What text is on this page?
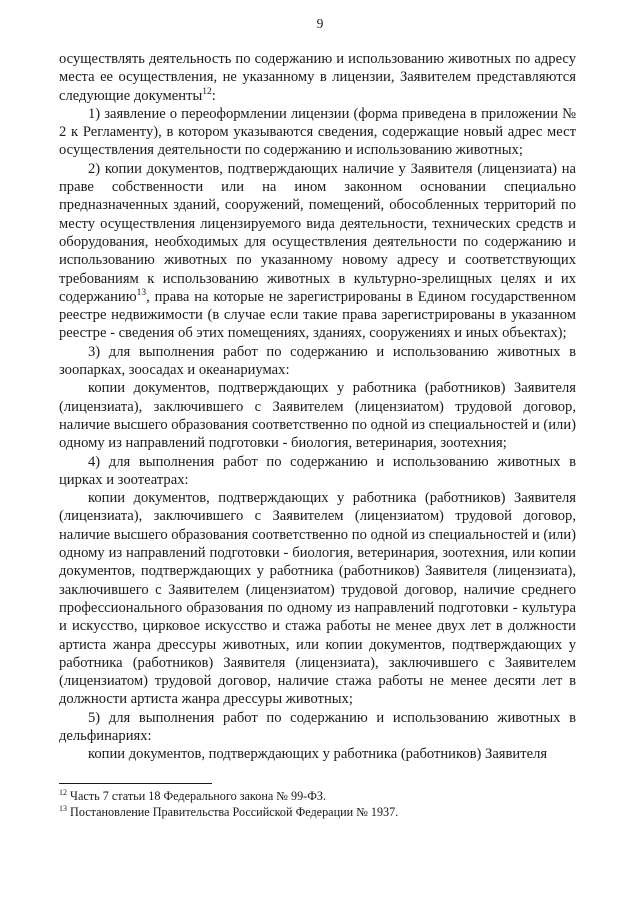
9

осуществлять деятельность по содержанию и использованию животных по адресу места ее осуществления, не указанному в лицензии, Заявителем представляются следующие документы$^{12}$:

1) заявление о переоформлении лицензии (форма приведена в приложении № 2 к Регламенту), в котором указываются сведения, содержащие новый адрес мест осуществления деятельности по содержанию и использованию животных;

2) копии документов, подтверждающих наличие у Заявителя (лицензиата) на праве собственности или на ином законном основании специально предназначенных зданий, сооружений, помещений, обособленных территорий по месту осуществления лицензируемого вида деятельности, технических средств и оборудования, необходимых для осуществления деятельности по содержанию и использованию животных по указанному новому адресу и соответствующих требованиям к использованию животных в культурно-зрелищных целях и их содержанию$^{13}$, права на которые не зарегистрированы в Едином государственном реестре недвижимости (в случае если такие права зарегистрированы в указанном реестре - сведения об этих помещениях, зданиях, сооружениях и иных объектах);

3) для выполнения работ по содержанию и использованию животных в зоопарках, зоосадах и океанариумах:

копии документов, подтверждающих у работника (работников) Заявителя (лицензиата), заключившего с Заявителем (лицензиатом) трудовой договор, наличие высшего образования соответственно по одной из специальностей и (или) одному из направлений подготовки - биология, ветеринария, зоотехния;

4) для выполнения работ по содержанию и использованию животных в цирках и зоотеатрах:

копии документов, подтверждающих у работника (работников) Заявителя (лицензиата), заключившего с Заявителем (лицензиатом) трудовой договор, наличие высшего образования соответственно по одной из специальностей и (или) одному из направлений подготовки - биология, ветеринария, зоотехния, или копии документов, подтверждающих у работника (работников) Заявителя (лицензиата), заключившего с Заявителем (лицензиатом) трудовой договор, наличие среднего профессионального образования по одному из направлений подготовки - культура и искусство, цирковое искусство и стажа работы не менее двух лет в должности артиста жанра дрессуры животных, или копии документов, подтверждающих у работника (работников) Заявителя (лицензиата), заключившего с Заявителем (лицензиатом) трудовой договор, наличие стажа работы не менее десяти лет в должности артиста жанра дрессуры животных;

5) для выполнения работ по содержанию и использованию животных в дельфинариях:

копии документов, подтверждающих у работника (работников) Заявителя

$^{12}$ Часть 7 статьи 18 Федерального закона № 99-ФЗ.
$^{13}$ Постановление Правительства Российской Федерации № 1937.
